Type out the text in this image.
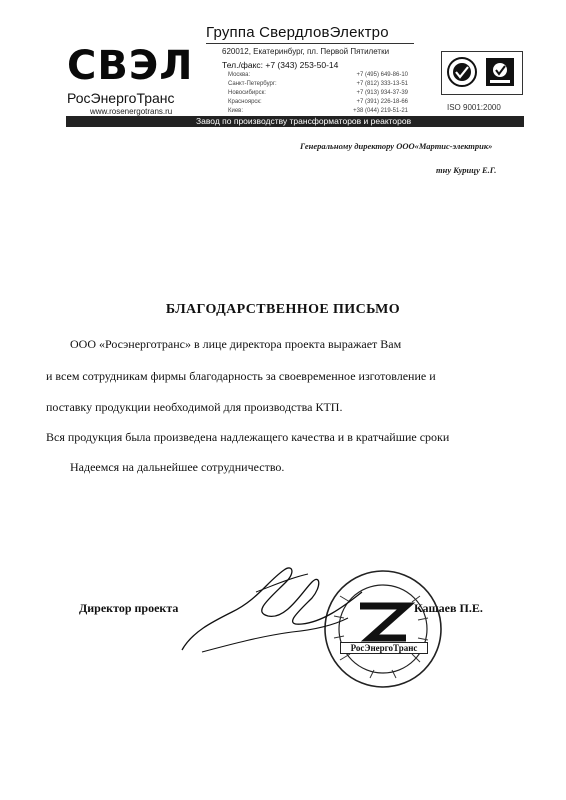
Группа СвердловЭлектро
СВЭЛ
РосЭнергоТранс
www.rosenergotrans.ru
620012, Екатеринбург, пл. Первой Пятилетки
Тел./факс: +7 (343) 253-50-14
Москва:	+7 (495) 649-86-10
Санкт-Петербург:	+7 (812) 333-13-51
Новосибирск:	+7 (913) 934-37-39
Красноярск:	+7 (391) 226-18-66
Киев:	+38 (044) 219-51-21	ISO 9001:2000
Завод по производству трансформаторов и реакторов
Генеральному директору ООО«Мартис-электрик»
тну Курицу Е.Г.
БЛАГОДАРСТВЕННОЕ ПИСЬМО
ООО «Росэнерготранс» в лице директора проекта выражает Вам
и всем сотрудникам фирмы благодарность за своевременное изготовление и
поставку продукции необходимой для производства КТП.
Вся продукция была произведена надлежащего качества и в кратчайшие сроки
Надеемся на дальнейшее сотрудничество.
Директор проекта
РосЭнергоТранс
Кашаев П.Е.
